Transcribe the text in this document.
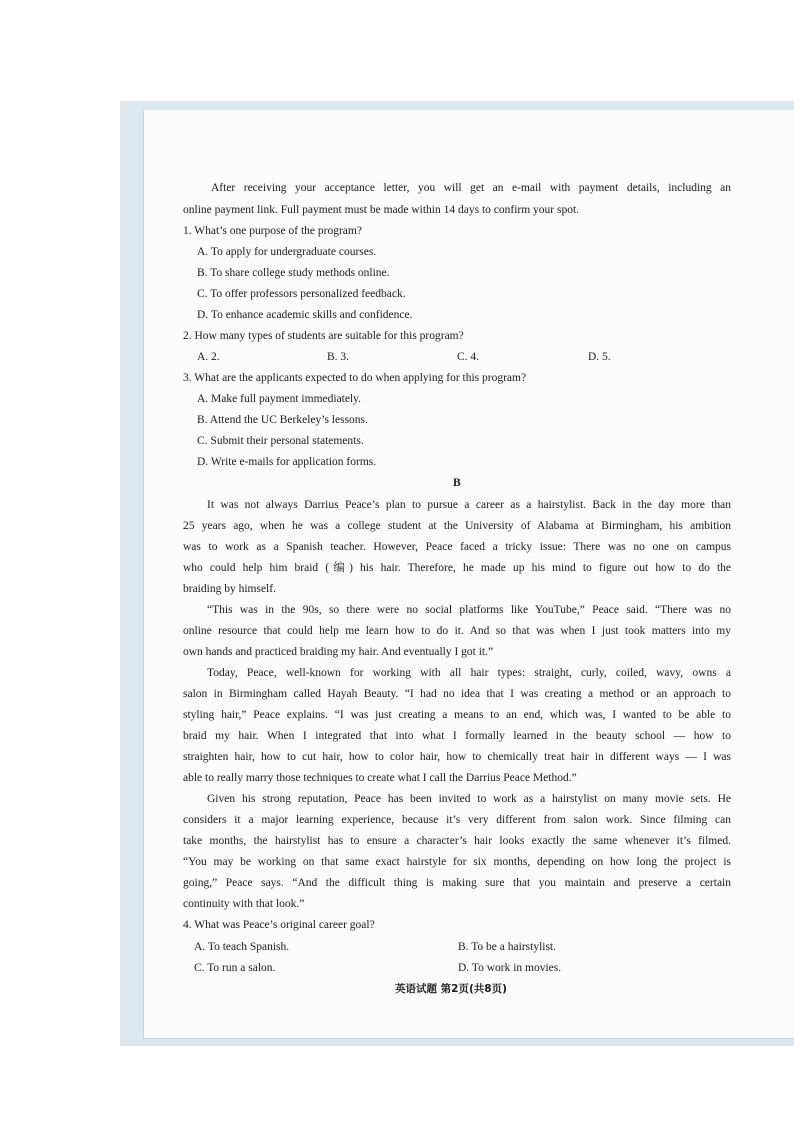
After receiving your acceptance letter, you will get an e-mail with payment details, including an
online payment link. Full payment must be made within 14 days to confirm your spot.
1. What’s one purpose of the program?
A. To apply for undergraduate courses.
B. To share college study methods online.
C. To offer professors personalized feedback.
D. To enhance academic skills and confidence.
2. How many types of students are suitable for this program?
A. 2.	B. 3.	C. 4.	D. 5.
3. What are the applicants expected to do when applying for this program?
A. Make full payment immediately.
B. Attend the UC Berkeley’s lessons.
C. Submit their personal statements.
D. Write e-mails for application forms.
B
It was not always Darrius Peace’s plan to pursue a career as a hairstylist. Back in the day more than
25 years ago, when he was a college student at the University of Alabama at Birmingham, his ambition
was to work as a Spanish teacher. However, Peace faced a tricky issue: There was no one on campus
who could help him braid (编) his hair. Therefore, he made up his mind to figure out how to do the
braiding by himself.
“This was in the 90s, so there were no social platforms like YouTube,” Peace said. “There was no
online resource that could help me learn how to do it. And so that was when I just took matters into my
own hands and practiced braiding my hair. And eventually I got it.”
Today, Peace, well-known for working with all hair types: straight, curly, coiled, wavy, owns a
salon in Birmingham called Hayah Beauty. “I had no idea that I was creating a method or an approach to
styling hair,” Peace explains. “I was just creating a means to an end, which was, I wanted to be able to
braid my hair. When I integrated that into what I formally learned in the beauty school — how to
straighten hair, how to cut hair, how to color hair, how to chemically treat hair in different ways — I was
able to really marry those techniques to create what I call the Darrius Peace Method.”
Given his strong reputation, Peace has been invited to work as a hairstylist on many movie sets. He
considers it a major learning experience, because it’s very different from salon work. Since filming can
take months, the hairstylist has to ensure a character’s hair looks exactly the same whenever it’s filmed.
“You may be working on that same exact hairstyle for six months, depending on how long the project is
going,” Peace says. “And the difficult thing is making sure that you maintain and preserve a certain
continuity with that look.”
4. What was Peace’s original career goal?
A. To teach Spanish.	B. To be a hairstylist.
C. To run a salon.	D. To work in movies.
英语试题 第2页(共8页)
